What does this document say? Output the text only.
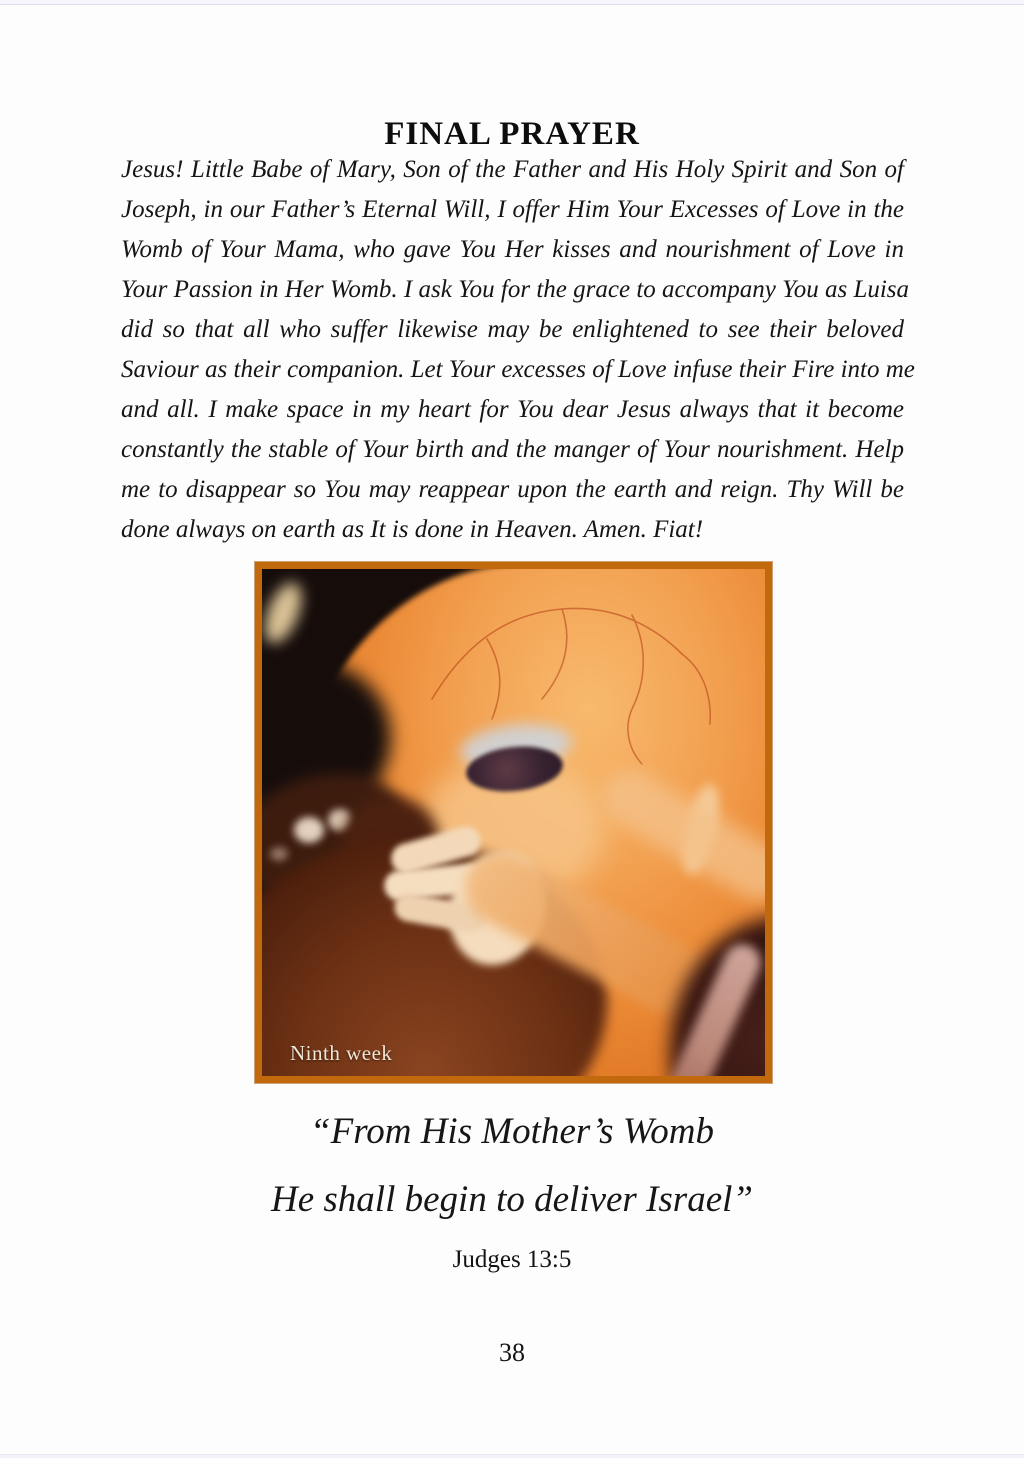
FINAL PRAYER
Jesus! Little Babe of Mary, Son of the Father and His Holy Spirit and Son of
Joseph, in our Father’s Eternal Will, I offer Him Your Excesses of Love in the
Womb of Your Mama, who gave You Her kisses and nourishment of Love in
Your Passion in Her Womb. I ask You for the grace to accompany You as Luisa
did so that all who suffer likewise may be enlightened to see their beloved
Saviour as their companion. Let Your excesses of Love infuse their Fire into me
and all. I make space in my heart for You dear Jesus always that it become
constantly the stable of Your birth and the manger of Your nourishment. Help
me to disappear so You may reappear upon the earth and reign. Thy Will be
done always on earth as It is done in Heaven. Amen. Fiat!
Ninth week
“From His Mother’s Womb
He shall begin to deliver Israel”
Judges 13:5
38
